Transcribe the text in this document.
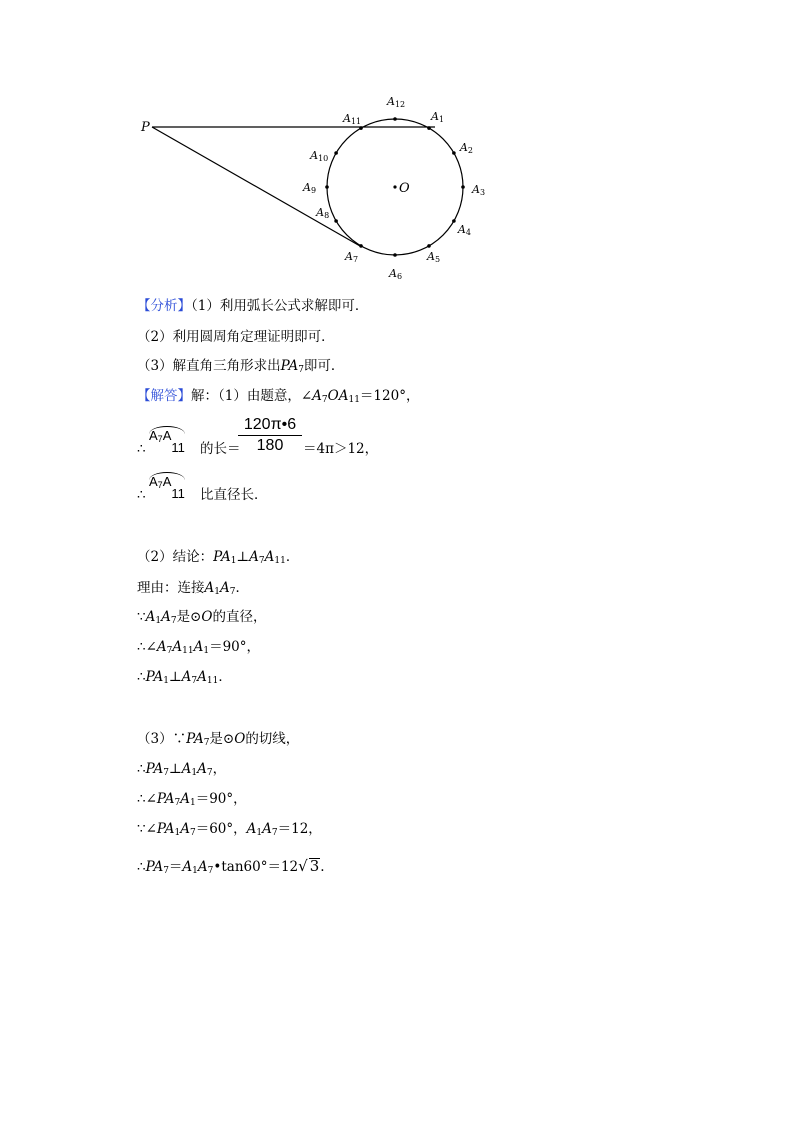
O
P
A1
A2
A3
A4
A5
A6
A7
A8
A9
A10
A11
A12
【分析】（1）利用弧长公式求解即可．
（2）利用圆周角定理证明即可．
（3）解直角三角形求出PA7即可．
【解答】解：（1）由题意，∠A7OA11＝120°，
∴
A7A11 的长＝
$\frac{120\pi•6}{180} =4\pi>12$，
∴
A7A11 比直径长．
（2）结论：PA1⊥A7A11．
理由：连接A1A7．
∵A1A7是⊙O的直径，
∴∠A7A11A1＝90°，
∴PA1⊥A7A11．
（3）∵PA7是⊙O的切线，
∴PA7⊥A1A7，
∴∠PA7A1＝90°，
∵∠PA1A7＝60°，A1A7＝12，
∴PA7＝A1A7•tan60°＝12√ 3.
